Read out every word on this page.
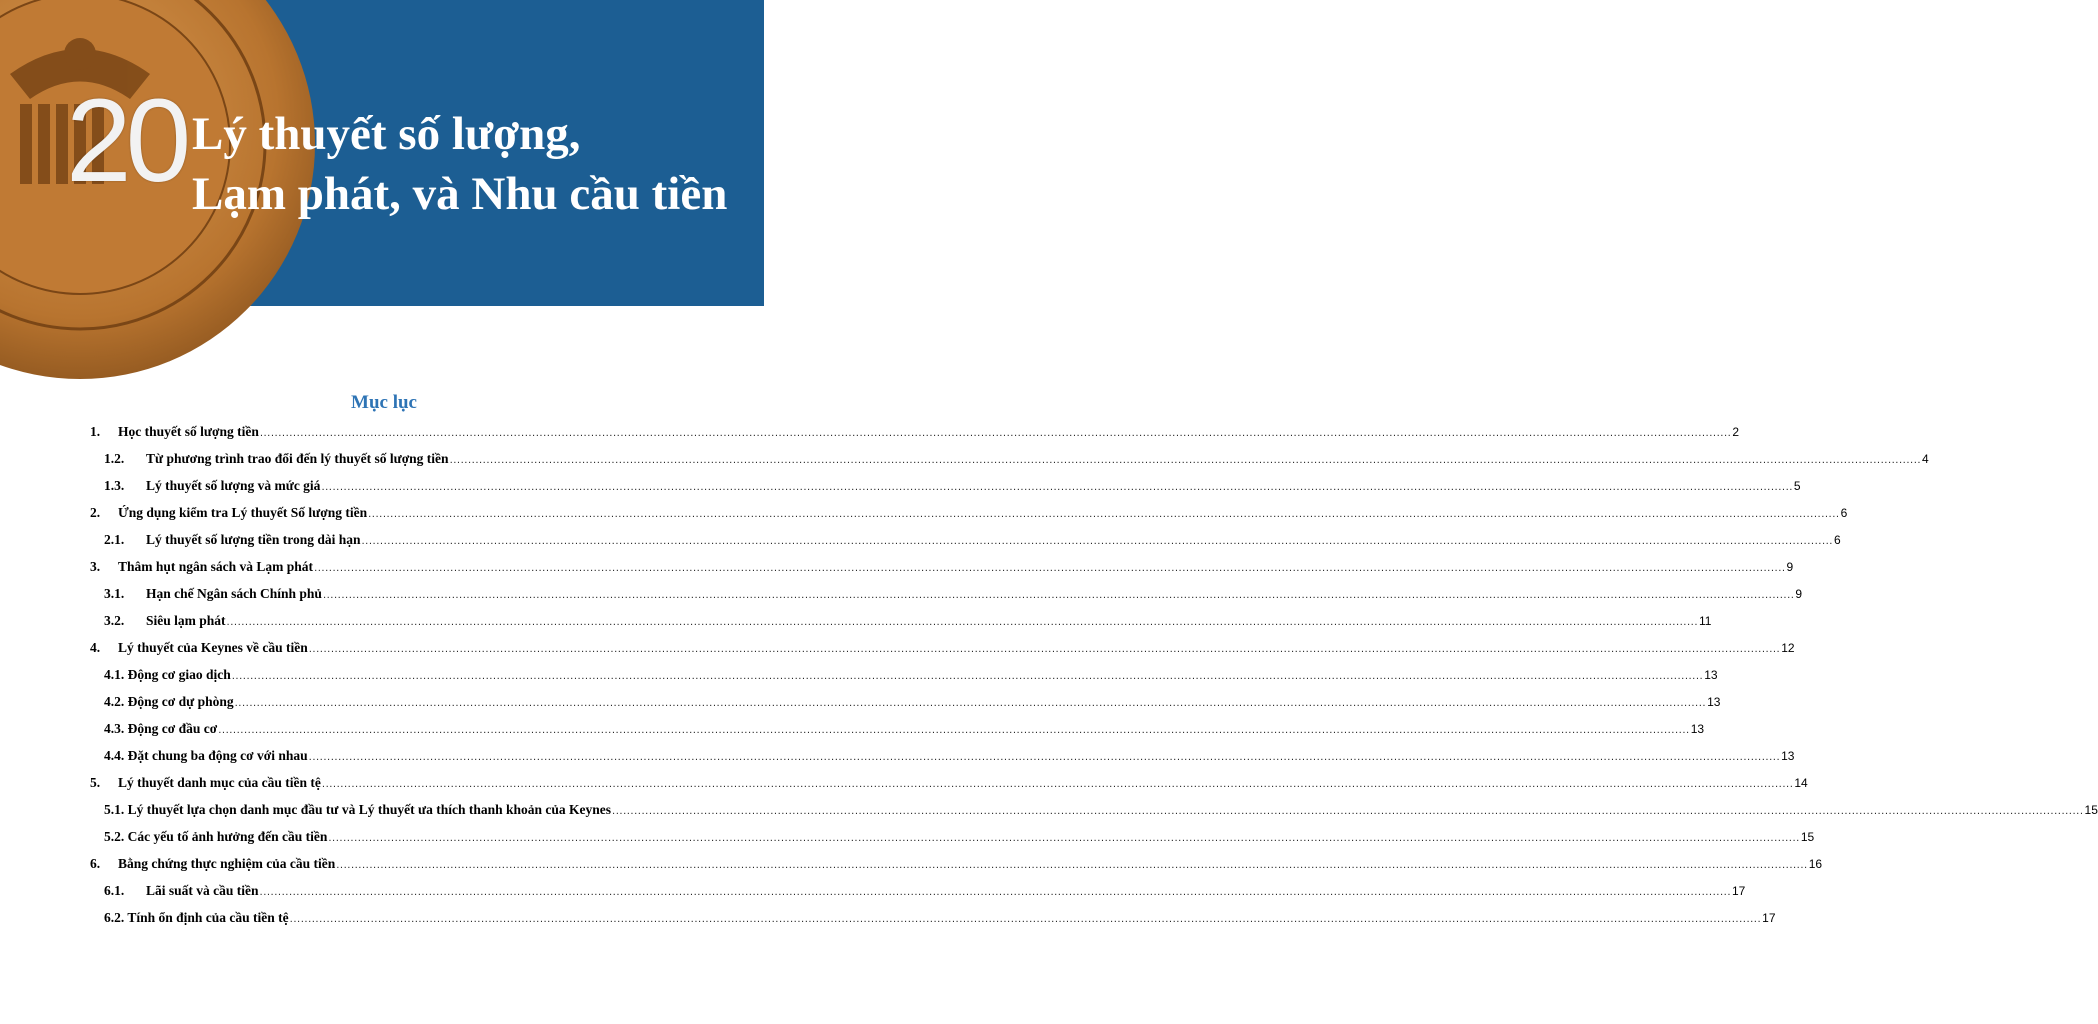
20 Lý thuyết số lượng,
Lạm phát, và Nhu cầu tiền
Mục lục
1.	Học thuyết số lượng tiền ................................................................................................................................................................................................................................................................................................................................................................................................................ 2
1.2.	Từ phương trình trao đổi đến lý thuyết số lượng tiền ................................................................................................................................................................................................................................................................................................................................................................................................................ 4
1.3.	Lý thuyết số lượng và mức giá ................................................................................................................................................................................................................................................................................................................................................................................................................ 5
2.	Ứng dụng kiểm tra Lý thuyết Số lượng tiền ................................................................................................................................................................................................................................................................................................................................................................................................................ 6
2.1.	Lý thuyết số lượng tiền trong dài hạn ................................................................................................................................................................................................................................................................................................................................................................................................................ 6
3.	Thâm hụt ngân sách và Lạm phát ................................................................................................................................................................................................................................................................................................................................................................................................................ 9
3.1.	Hạn chế Ngân sách Chính phủ ................................................................................................................................................................................................................................................................................................................................................................................................................ 9
3.2.	Siêu lạm phát ................................................................................................................................................................................................................................................................................................................................................................................................................ 11
4.	Lý thuyết của Keynes về cầu tiền ................................................................................................................................................................................................................................................................................................................................................................................................................ 12
4.1. Động cơ giao dịch ................................................................................................................................................................................................................................................................................................................................................................................................................ 13
4.2. Động cơ dự phòng ................................................................................................................................................................................................................................................................................................................................................................................................................ 13
4.3. Động cơ đầu cơ ................................................................................................................................................................................................................................................................................................................................................................................................................ 13
4.4. Đặt chung ba động cơ với nhau ................................................................................................................................................................................................................................................................................................................................................................................................................ 13
5.	Lý thuyết danh mục của cầu tiền tệ ................................................................................................................................................................................................................................................................................................................................................................................................................ 14
5.1. Lý thuyết lựa chọn danh mục đầu tư và Lý thuyết ưa thích thanh khoản của Keynes ................................................................................................................................................................................................................................................................................................................................................................................................................ 15
5.2. Các yếu tố ảnh hưởng đến cầu tiền ................................................................................................................................................................................................................................................................................................................................................................................................................ 15
6.	Bằng chứng thực nghiệm của cầu tiền ................................................................................................................................................................................................................................................................................................................................................................................................................ 16
6.1.	Lãi suất và cầu tiền ................................................................................................................................................................................................................................................................................................................................................................................................................ 17
6.2. Tính ổn định của cầu tiền tệ ................................................................................................................................................................................................................................................................................................................................................................................................................ 17
